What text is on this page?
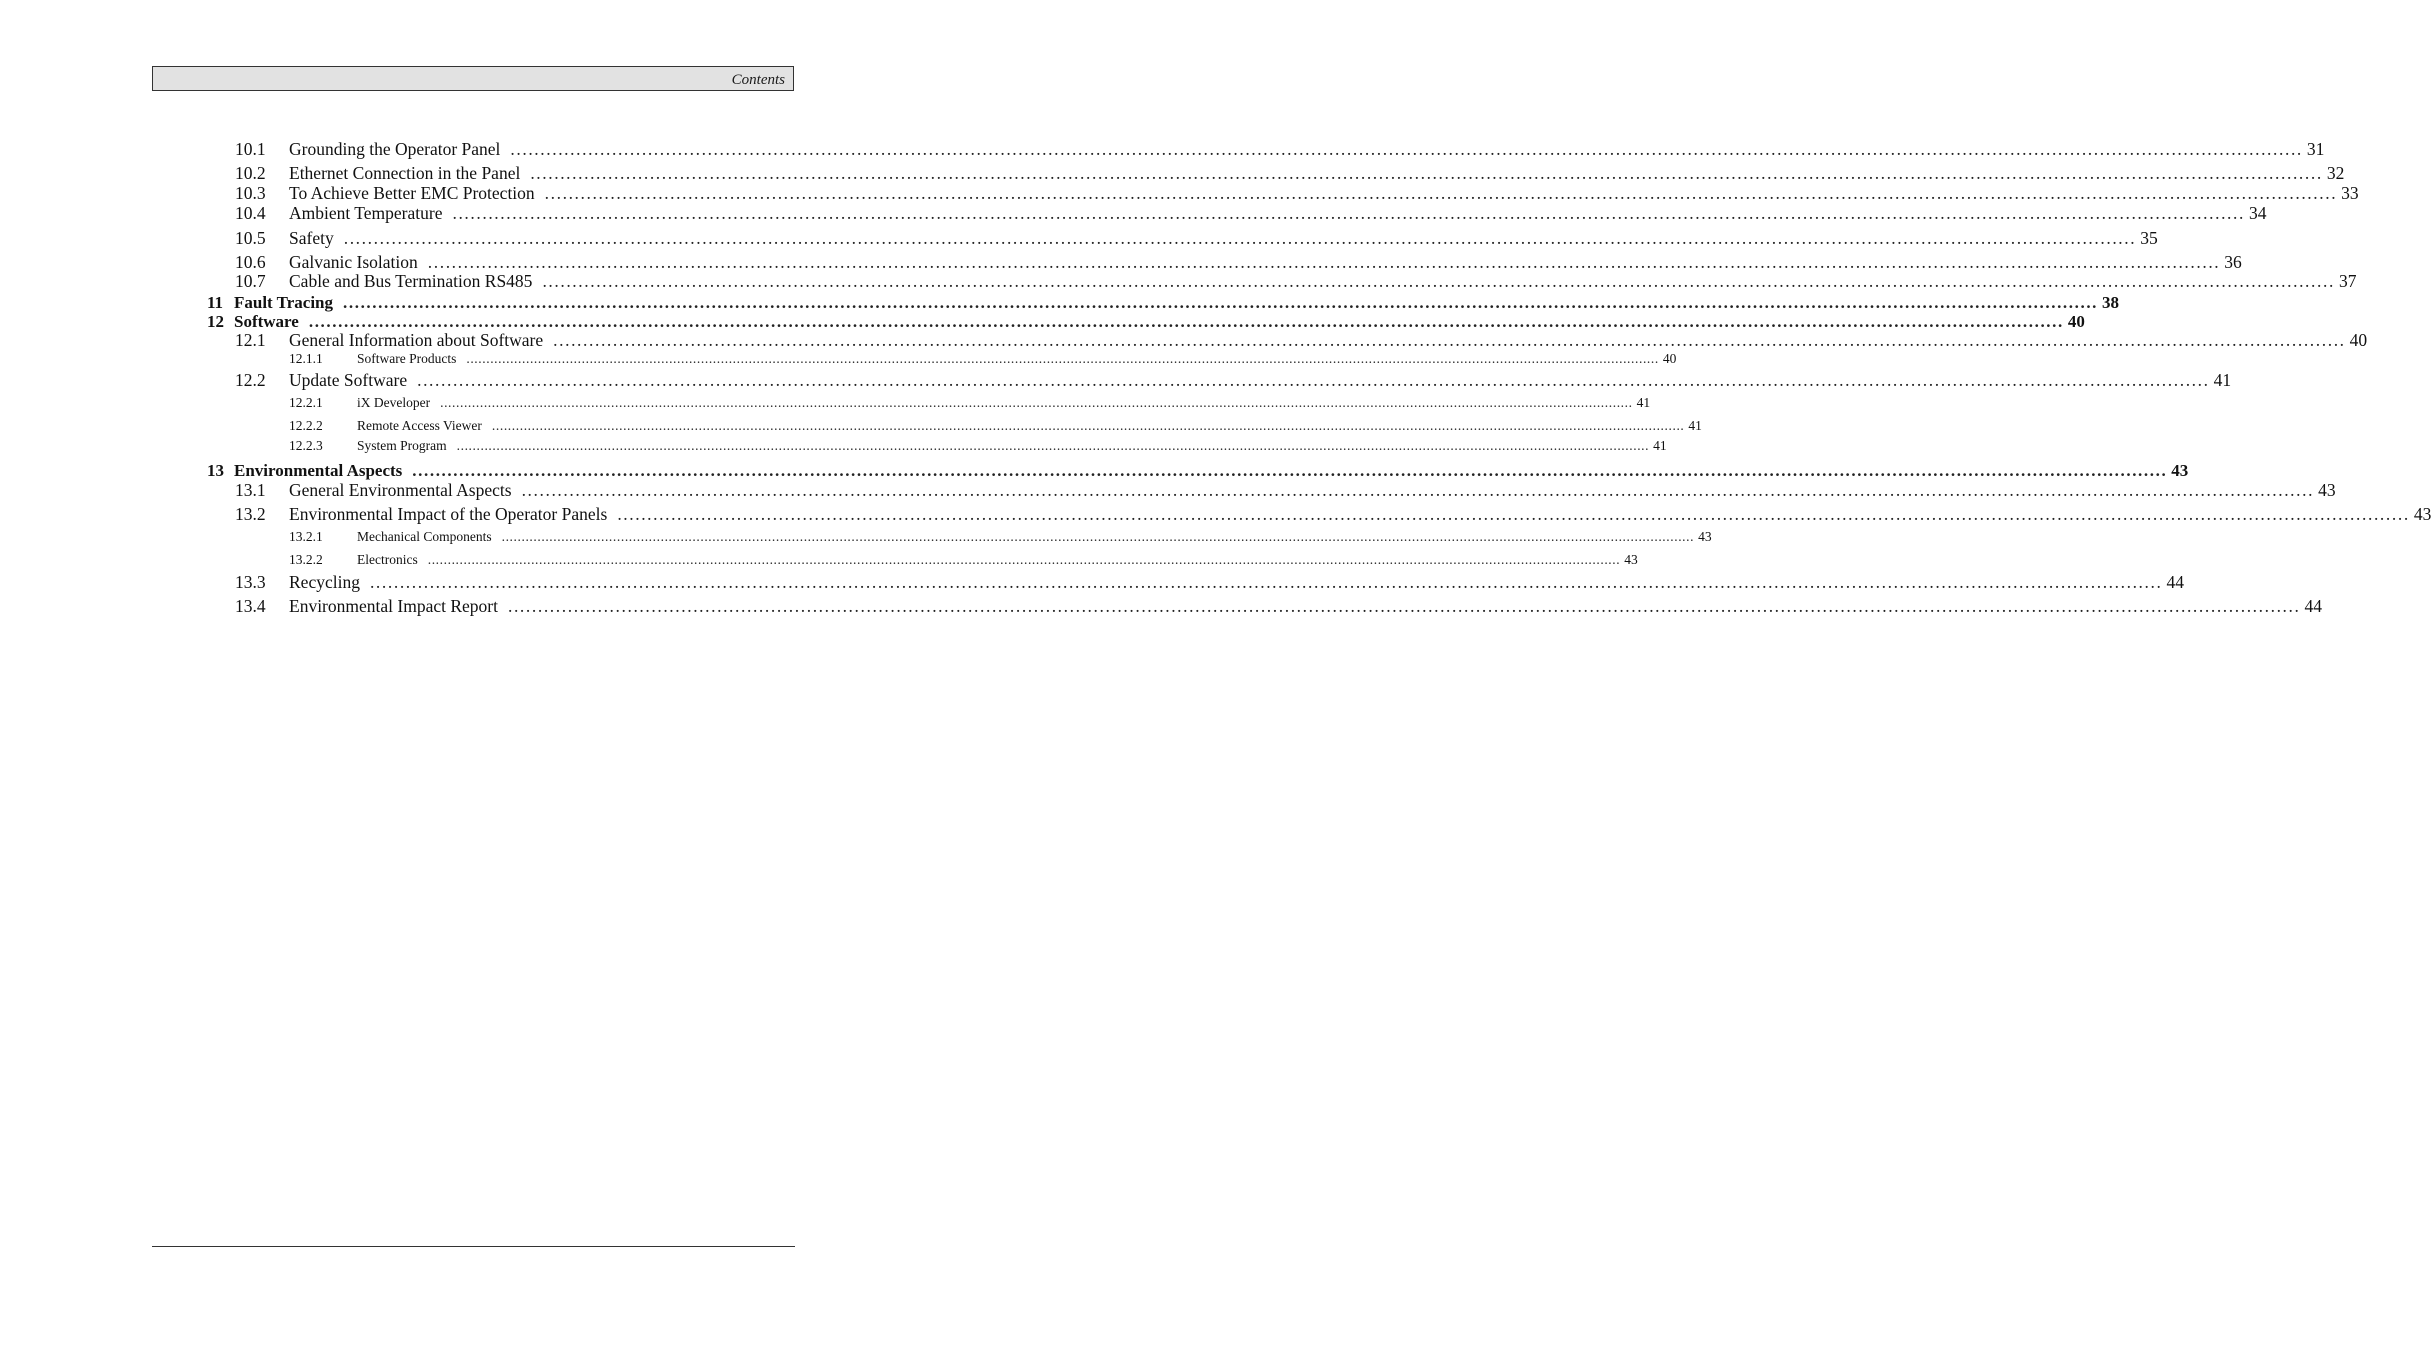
Contents
10.1	Grounding the Operator Panel ............................................................................................................................................................................................................................................................................................................ 31
10.2	Ethernet Connection in the Panel ............................................................................................................................................................................................................................................................................................................ 32
10.3	To Achieve Better EMC Protection ............................................................................................................................................................................................................................................................................................................ 33
10.4	Ambient Temperature ............................................................................................................................................................................................................................................................................................................ 34
10.5	Safety ............................................................................................................................................................................................................................................................................................................ 35
10.6	Galvanic Isolation ............................................................................................................................................................................................................................................................................................................ 36
10.7	Cable and Bus Termination RS485 ............................................................................................................................................................................................................................................................................................................ 37
11 Fault Tracing ............................................................................................................................................................................................................................................................................................................ 38
12 Software ............................................................................................................................................................................................................................................................................................................ 40
12.1	General Information about Software ............................................................................................................................................................................................................................................................................................................ 40
12.1.1	Software Products ............................................................................................................................................................................................................................................................................................................ 40
12.2	Update Software ............................................................................................................................................................................................................................................................................................................ 41
12.2.1	iX Developer ............................................................................................................................................................................................................................................................................................................ 41
12.2.2	Remote Access Viewer ............................................................................................................................................................................................................................................................................................................ 41
12.2.3	System Program ............................................................................................................................................................................................................................................................................................................ 41
13 Environmental Aspects ............................................................................................................................................................................................................................................................................................................ 43
13.1	General Environmental Aspects ............................................................................................................................................................................................................................................................................................................ 43
13.2	Environmental Impact of the Operator Panels ............................................................................................................................................................................................................................................................................................................ 43
13.2.1	Mechanical Components ............................................................................................................................................................................................................................................................................................................ 43
13.2.2	Electronics ............................................................................................................................................................................................................................................................................................................ 43
13.3	Recycling ............................................................................................................................................................................................................................................................................................................ 44
13.4	Environmental Impact Report ............................................................................................................................................................................................................................................................................................................ 44
